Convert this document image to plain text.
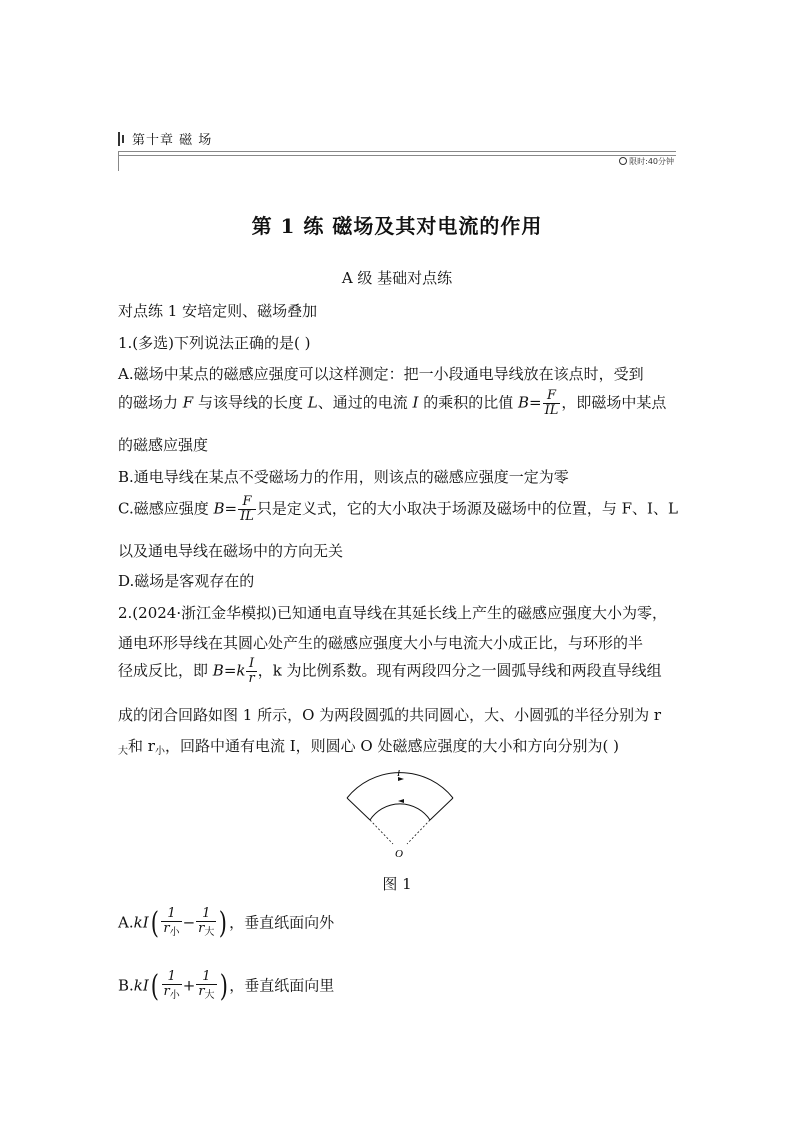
第十章 磁 场
限时:40分钟
第 1 练 磁场及其对电流的作用
A 级 基础对点练
对点练 1 安培定则、磁场叠加
1.(多选)下列说法正确的是( )
A.磁场中某点的磁感应强度可以这样测定：把一小段通电导线放在该点时，受到
的磁场力 F 与该导线的长度 L、通过的电流 I 的乘积的比值 $B= \frac{F}{IL}$ ，即磁场中某点
的磁感应强度
B.通电导线在某点不受磁场力的作用，则该点的磁感应强度一定为零
C.磁感应强度 $B= \frac{F}{IL}$ 只是定义式，它的大小取决于场源及磁场中的位置，与 F、I、L
以及通电导线在磁场中的方向无关
D.磁场是客观存在的
2.(2024·浙江金华模拟)已知通电直导线在其延长线上产生的磁感应强度大小为零，
通电环形导线在其圆心处产生的磁感应强度大小与电流大小成正比，与环形的半
径成反比，即 $B=k \frac{I}{r}$ ，k 为比例系数。现有两段四分之一圆弧导线和两段直导线组
成的闭合回路如图 1 所示，O 为两段圆弧的共同圆心，大、小圆弧的半径分别为 r
$_大$和 $r_小$，回路中通有电流 I，则圆心 O 处磁感应强度的大小和方向分别为( )
I
O
图 1
$A.kI( \frac{1}{r_小} - \frac{1}{r_大}$ ) ，垂直纸面向外
$B.kI( \frac{1}{r_小} + \frac{1}{r_大}$ ) ，垂直纸面向里
